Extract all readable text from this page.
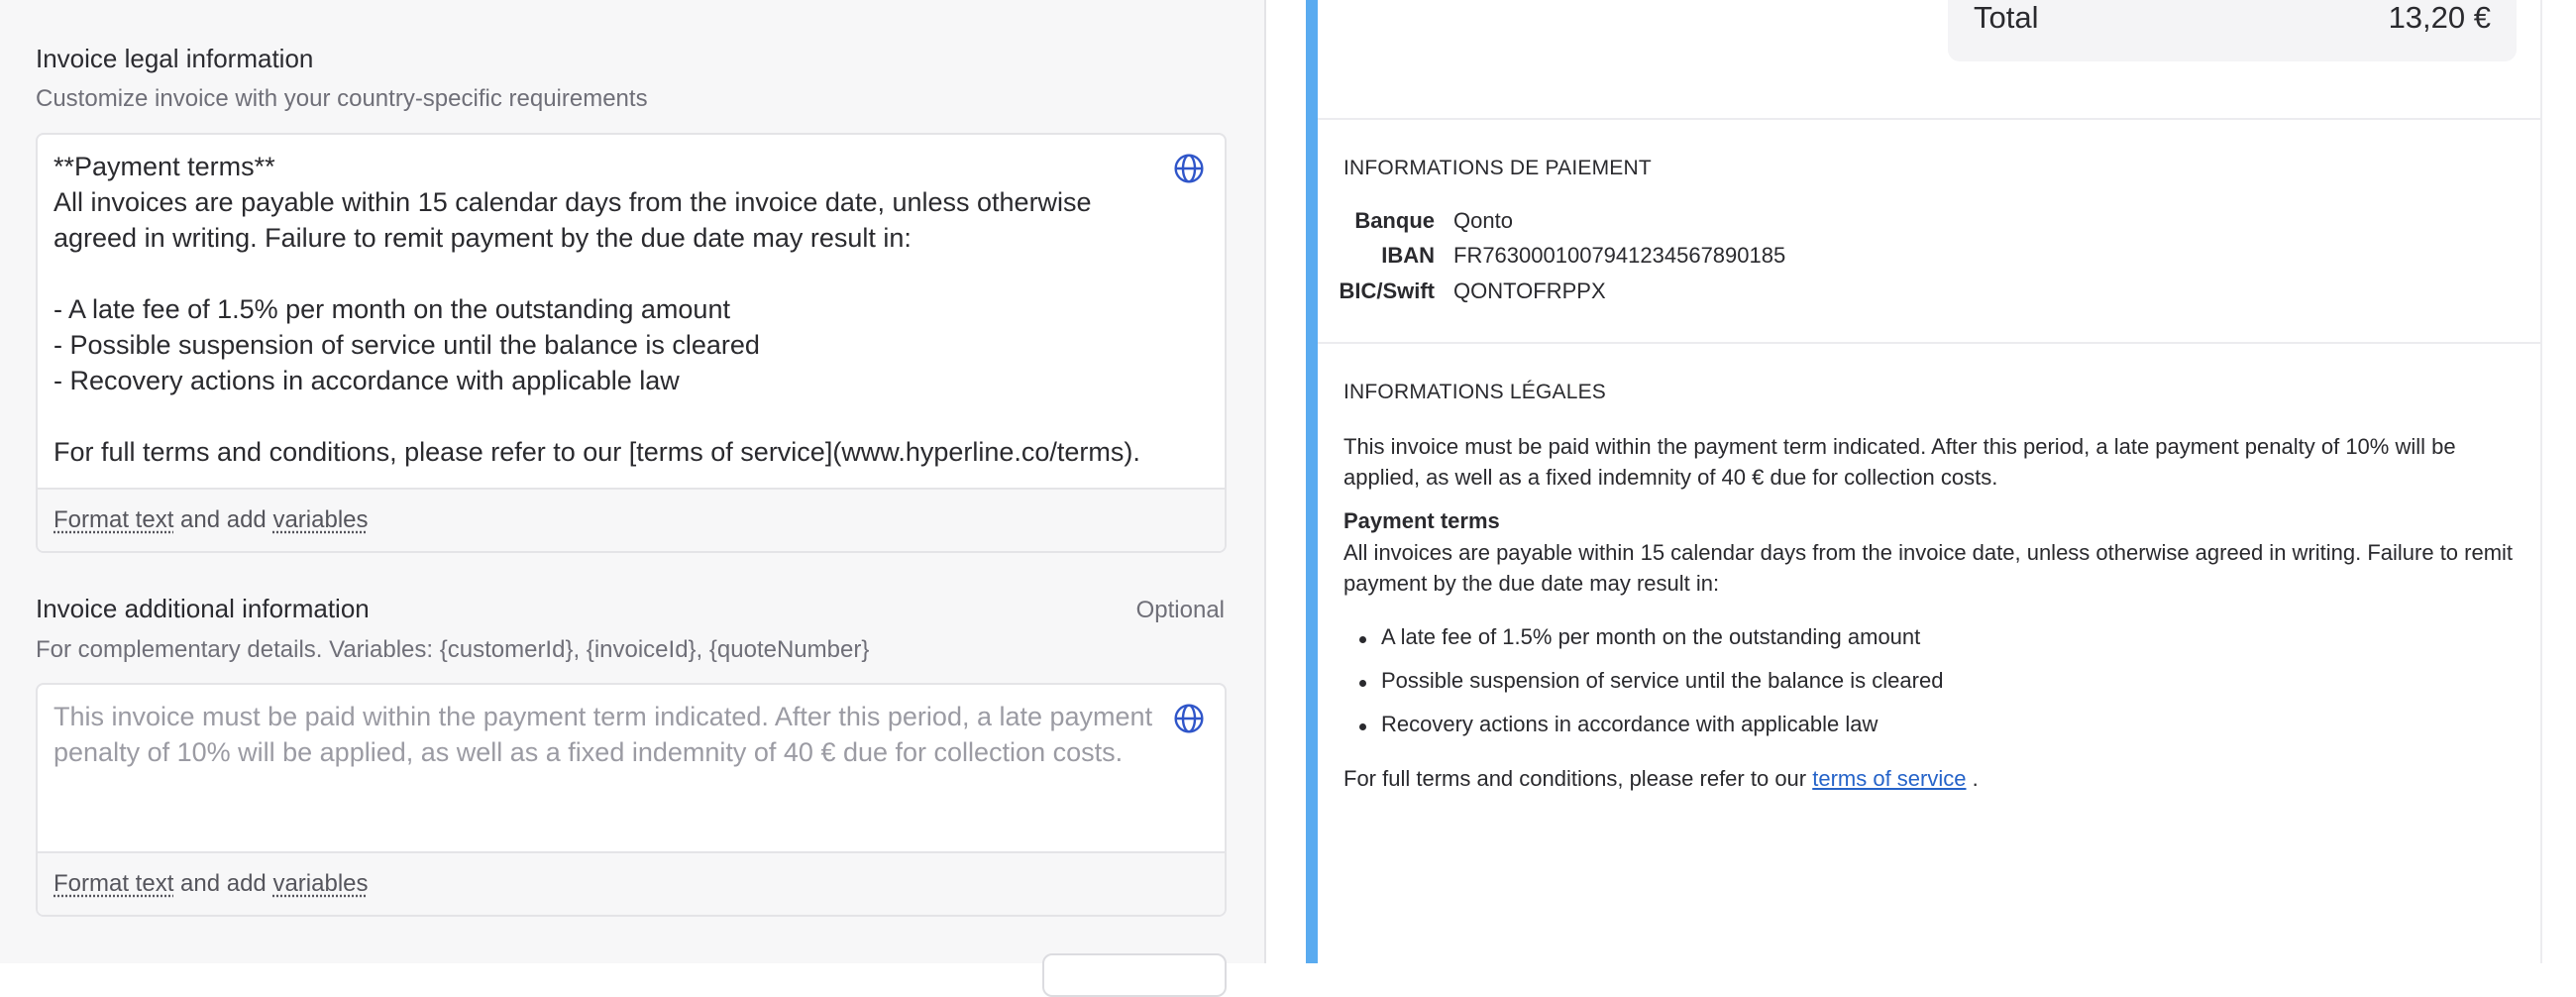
Invoice legal information
Customize invoice with your country-specific requirements
**Payment terms**
All invoices are payable within 15 calendar days from the invoice date, unless otherwise
agreed in writing. Failure to remit payment by the due date may result in:

- A late fee of 1.5% per month on the outstanding amount
- Possible suspension of service until the balance is cleared
- Recovery actions in accordance with applicable law

For full terms and conditions, please refer to our [terms of service](www.hyperline.co/terms).
Format text and add variables
Invoice additional information	Optional
For complementary details. Variables: {customerId}, {invoiceId}, {quoteNumber}
This invoice must be paid within the payment term indicated. After this period, a late payment penalty of 10% will be applied, as well as a fixed indemnity of 40 € due for collection costs.
Format text and add variables
Total	13,20 €
INFORMATIONS DE PAIEMENT
Banque Qonto
IBAN FR7630001007941234567890185
BIC/Swift QONTOFRPPX
INFORMATIONS LÉGALES
This invoice must be paid within the payment term indicated. After this period, a late payment penalty of 10% will be applied, as well as a fixed indemnity of 40 € due for collection costs.
Payment terms
All invoices are payable within 15 calendar days from the invoice date, unless otherwise agreed in writing. Failure to remit payment by the due date may result in:
A late fee of 1.5% per month on the outstanding amount
Possible suspension of service until the balance is cleared
Recovery actions in accordance with applicable law
For full terms and conditions, please refer to our terms of service .
